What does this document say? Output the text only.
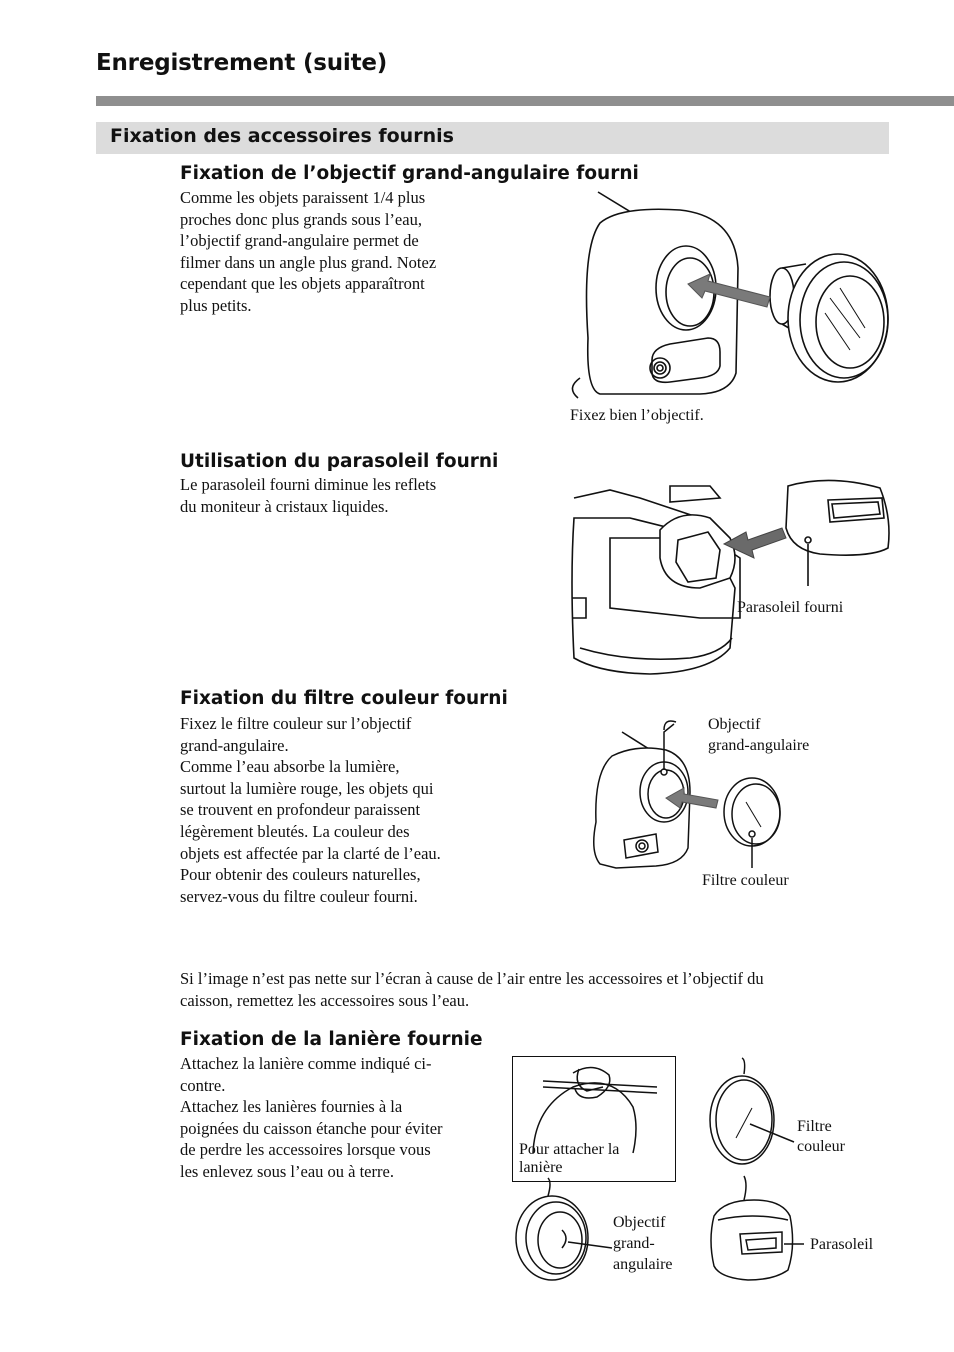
Enregistrement (suite)
Fixation des accessoires fournis
Fixation de l’objectif grand-angulaire fourni
Comme les objets paraissent 1/4 plus
proches donc plus grands sous l’eau,
l’objectif grand-angulaire permet de
filmer dans un angle plus grand. Notez
cependant que les objets apparaîtront
plus petits.
Fixez bien l’objectif.
Utilisation du parasoleil fourni
Le parasoleil fourni diminue les reflets
du moniteur à cristaux liquides.
Parasoleil fourni
Fixation du filtre couleur fourni
Fixez le filtre couleur sur l’objectif
grand-angulaire.
Comme l’eau absorbe la lumière,
surtout la lumière rouge, les objets qui
se trouvent en profondeur paraissent
légèrement bleutés. La couleur des
objets est affectée par la clarté de l’eau.
Pour obtenir des couleurs naturelles,
servez-vous du filtre couleur fourni.
Objectif
grand-angulaire
Filtre couleur
Si l’image n’est pas nette sur l’écran à cause de l’air entre les accessoires et l’objectif du
caisson, remettez les accessoires sous l’eau.
Fixation de la lanière fournie
Attachez la lanière comme indiqué ci-
contre.
Attachez les lanières fournies à la
poignées du caisson étanche pour éviter
de perdre les accessoires lorsque vous
les enlevez sous l’eau ou à terre.
Pour attacher la
lanière
Filtre
couleur
Objectif
grand-
angulaire
Parasoleil
